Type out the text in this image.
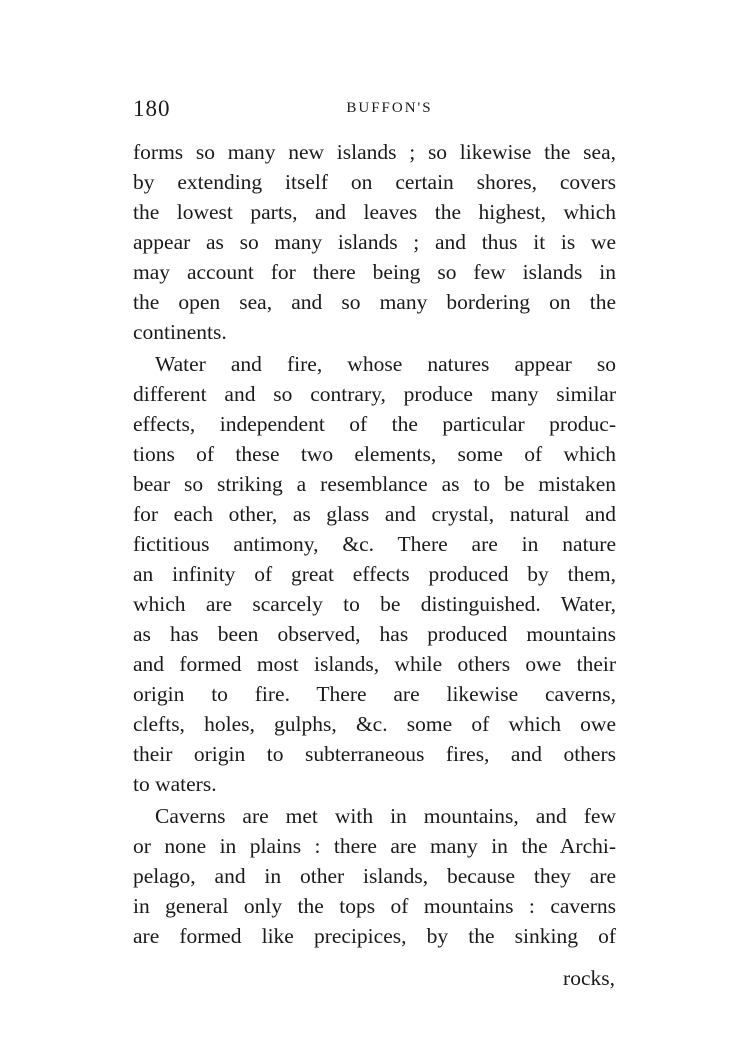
180	BUFFON'S
forms so many new islands ; so likewise the sea,
by extending itself on certain shores, covers
the lowest parts, and leaves the highest, which
appear as so many islands ; and thus it is we
may account for there being so few islands in
the open sea, and so many bordering on the
continents.
Water and fire, whose natures appear so
different and so contrary, produce many similar
effects, independent of the particular produc-
tions of these two elements, some of which
bear so striking a resemblance as to be mistaken
for each other, as glass and crystal, natural and
fictitious antimony, &c. There are in nature
an infinity of great effects produced by them,
which are scarcely to be distinguished. Water,
as has been observed, has produced mountains
and formed most islands, while others owe their
origin to fire. There are likewise caverns,
clefts, holes, gulphs, &c. some of which owe
their origin to subterraneous fires, and others
to waters.
Caverns are met with in mountains, and few
or none in plains : there are many in the Archi-
pelago, and in other islands, because they are
in general only the tops of mountains : caverns
are formed like precipices, by the sinking of
rocks,
